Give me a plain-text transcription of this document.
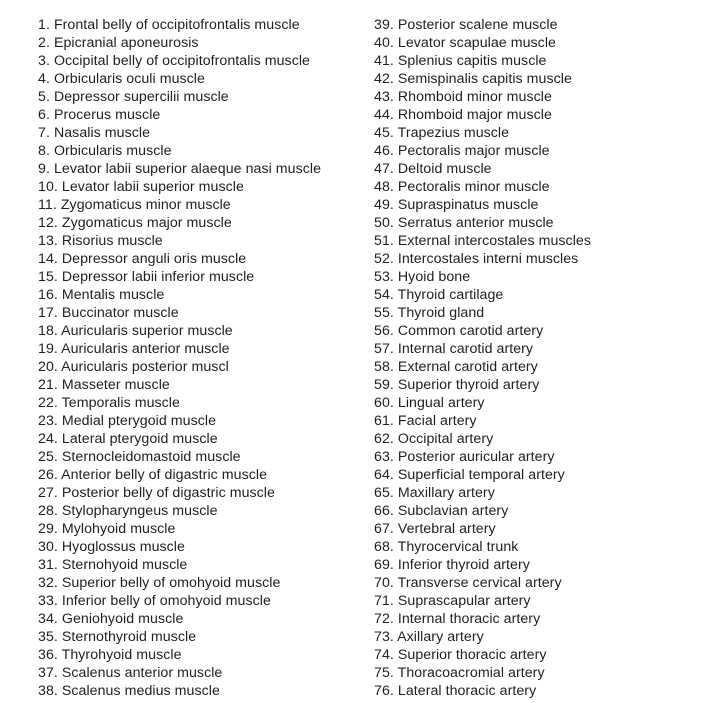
1. Frontal belly of occipitofrontalis muscle
2. Epicranial aponeurosis
3. Occipital belly of occipitofrontalis muscle
4. Orbicularis oculi muscle
5. Depressor supercilii muscle
6. Procerus muscle
7. Nasalis muscle
8. Orbicularis muscle
9. Levator labii superior alaeque nasi muscle
10. Levator labii superior muscle
11. Zygomaticus minor muscle
12. Zygomaticus major muscle
13. Risorius muscle
14. Depressor anguli oris muscle
15. Depressor labii inferior muscle
16. Mentalis muscle
17. Buccinator muscle
18. Auricularis superior muscle
19. Auricularis anterior muscle
20. Auricularis posterior muscl
21. Masseter muscle
22. Temporalis muscle
23. Medial pterygoid muscle
24. Lateral pterygoid muscle
25. Sternocleidomastoid muscle
26. Anterior belly of digastric muscle
27. Posterior belly of digastric muscle
28. Stylopharyngeus muscle
29. Mylohyoid muscle
30. Hyoglossus muscle
31. Sternohyoid muscle
32. Superior belly of omohyoid muscle
33. Inferior belly of omohyoid muscle
34. Geniohyoid muscle
35. Sternothyroid muscle
36. Thyrohyoid muscle
37. Scalenus anterior muscle
38. Scalenus medius muscle
39. Posterior scalene muscle
40. Levator scapulae muscle
41. Splenius capitis muscle
42. Semispinalis capitis muscle
43. Rhomboid minor muscle
44. Rhomboid major muscle
45. Trapezius muscle
46. Pectoralis major muscle
47. Deltoid muscle
48. Pectoralis minor muscle
49. Supraspinatus muscle
50. Serratus anterior muscle
51. External intercostales muscles
52. Intercostales interni muscles
53. Hyoid bone
54. Thyroid cartilage
55. Thyroid gland
56. Common carotid artery
57. Internal carotid artery
58. External carotid artery
59. Superior thyroid artery
60. Lingual artery
61. Facial artery
62. Occipital artery
63. Posterior auricular artery
64. Superficial temporal artery
65. Maxillary artery
66. Subclavian artery
67. Vertebral artery
68. Thyrocervical trunk
69. Inferior thyroid artery
70. Transverse cervical artery
71. Suprascapular artery
72. Internal thoracic artery
73. Axillary artery
74. Superior thoracic artery
75. Thoracoacromial artery
76. Lateral thoracic artery
